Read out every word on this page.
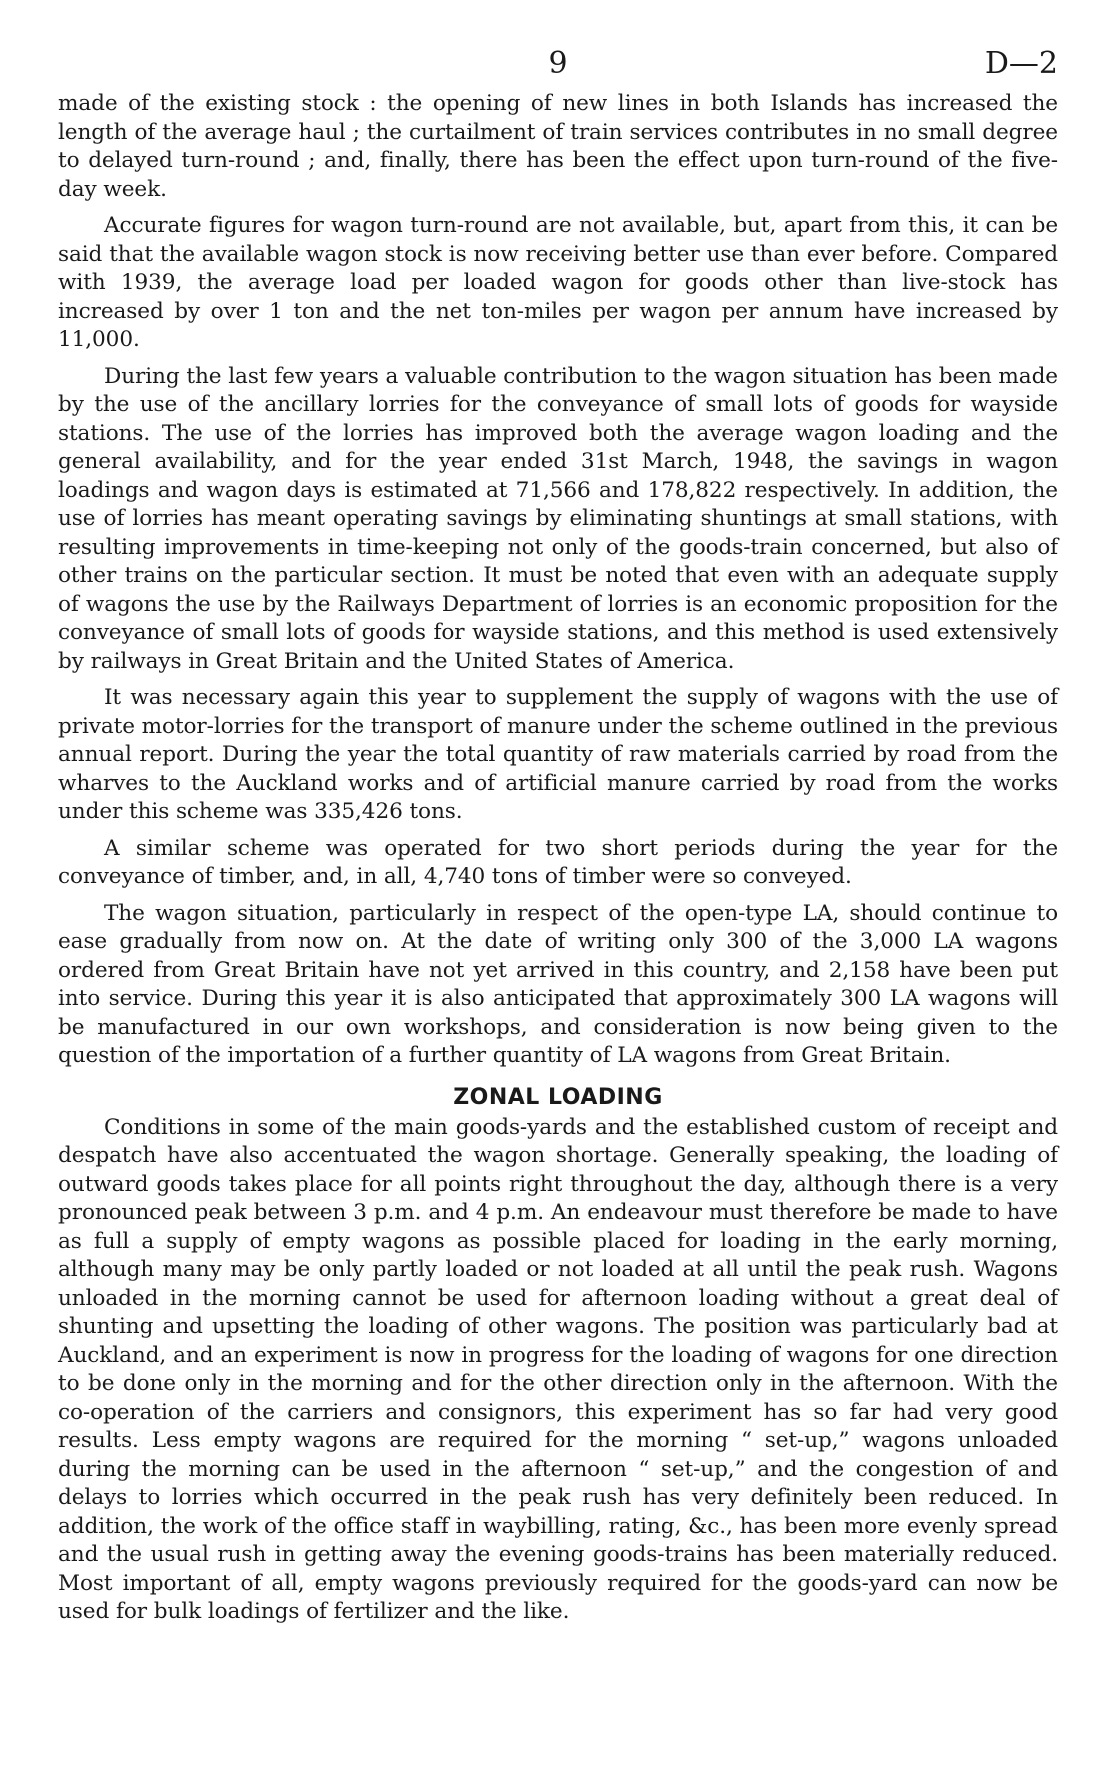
9	D—2

made of the existing stock : the opening of new lines in both Islands has increased the length of the average haul ; the curtailment of train services contributes in no small degree to delayed turn-round ; and, finally, there has been the effect upon turn-round of the five-day week.

Accurate figures for wagon turn-round are not available, but, apart from this, it can be said that the available wagon stock is now receiving better use than ever before. Compared with 1939, the average load per loaded wagon for goods other than live-stock has increased by over 1 ton and the net ton-miles per wagon per annum have increased by 11,000.

During the last few years a valuable contribution to the wagon situation has been made by the use of the ancillary lorries for the conveyance of small lots of goods for wayside stations. The use of the lorries has improved both the average wagon loading and the general availability, and for the year ended 31st March, 1948, the savings in wagon loadings and wagon days is estimated at 71,566 and 178,822 respectively. In addition, the use of lorries has meant operating savings by eliminating shuntings at small stations, with resulting improvements in time-keeping not only of the goods-train concerned, but also of other trains on the particular section. It must be noted that even with an adequate supply of wagons the use by the Railways Department of lorries is an economic proposition for the conveyance of small lots of goods for wayside stations, and this method is used extensively by railways in Great Britain and the United States of America.

It was necessary again this year to supplement the supply of wagons with the use of private motor-lorries for the transport of manure under the scheme outlined in the previous annual report. During the year the total quantity of raw materials carried by road from the wharves to the Auckland works and of artificial manure carried by road from the works under this scheme was 335,426 tons.

A similar scheme was operated for two short periods during the year for the conveyance of timber, and, in all, 4,740 tons of timber were so conveyed.

The wagon situation, particularly in respect of the open-type LA, should continue to ease gradually from now on. At the date of writing only 300 of the 3,000 LA wagons ordered from Great Britain have not yet arrived in this country, and 2,158 have been put into service. During this year it is also anticipated that approximately 300 LA wagons will be manufactured in our own workshops, and consideration is now being given to the question of the importation of a further quantity of LA wagons from Great Britain.

ZONAL LOADING

Conditions in some of the main goods-yards and the established custom of receipt and despatch have also accentuated the wagon shortage. Generally speaking, the loading of outward goods takes place for all points right throughout the day, although there is a very pronounced peak between 3 p.m. and 4 p.m. An endeavour must therefore be made to have as full a supply of empty wagons as possible placed for loading in the early morning, although many may be only partly loaded or not loaded at all until the peak rush. Wagons unloaded in the morning cannot be used for afternoon loading without a great deal of shunting and upsetting the loading of other wagons. The position was particularly bad at Auckland, and an experiment is now in progress for the loading of wagons for one direction to be done only in the morning and for the other direction only in the afternoon. With the co-operation of the carriers and consignors, this experiment has so far had very good results. Less empty wagons are required for the morning “ set-up,” wagons unloaded during the morning can be used in the afternoon “ set-up,” and the congestion of and delays to lorries which occurred in the peak rush has very definitely been reduced. In addition, the work of the office staff in waybilling, rating, &c., has been more evenly spread and the usual rush in getting away the evening goods-trains has been materially reduced. Most important of all, empty wagons previously required for the goods-yard can now be used for bulk loadings of fertilizer and the like.
